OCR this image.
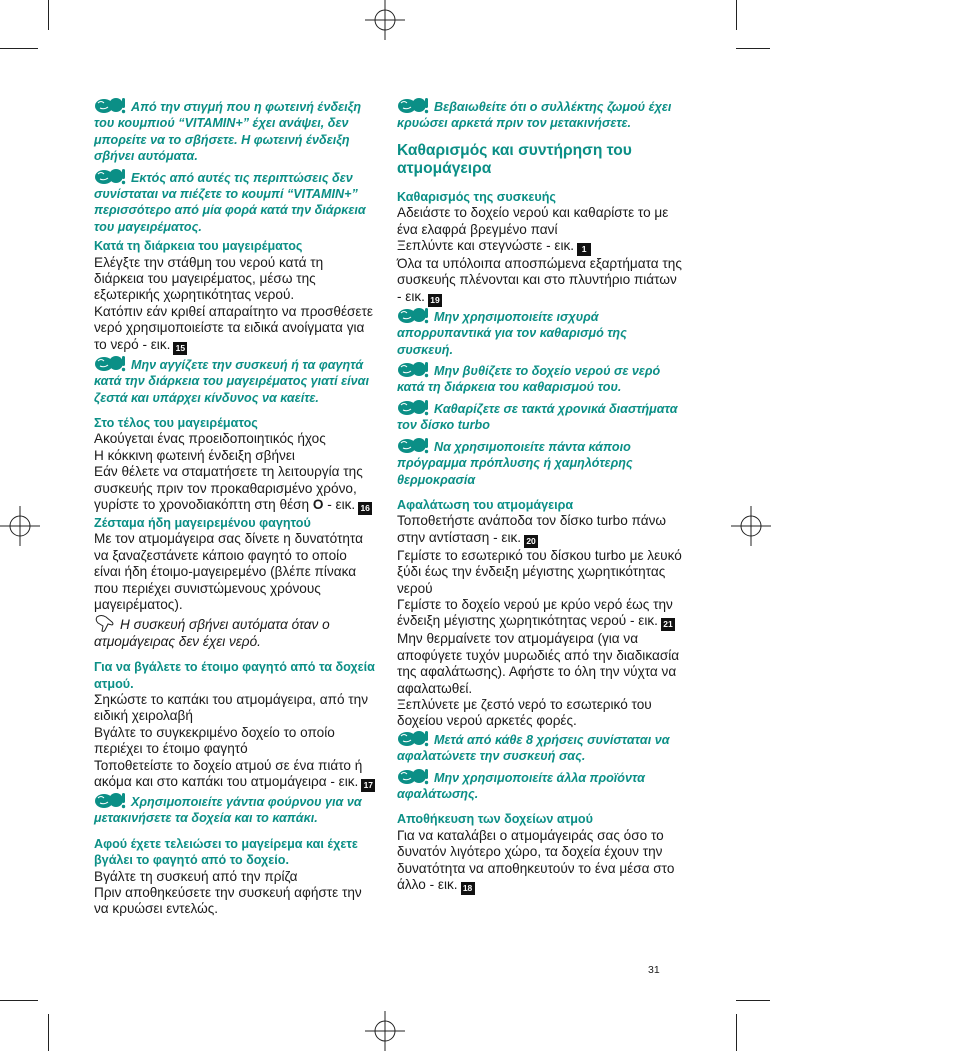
Από την στιγμή που η φωτεινή ένδειξη του κουμπιού “VITAMIN+” έχει ανάψει, δεν μπορείτε να το σβήσετε. Η φωτεινή ένδειξη σβήνει αυτόματα.

Εκτός από αυτές τις περιπτώσεις δεν συνίσταται να πιέζετε το κουμπί “VITAMIN+” περισσότερο από μία φορά κατά την διάρκεια του μαγειρέματος.

Κατά τη διάρκεια του μαγειρέματος

Ελέγξτε την στάθμη του νερού κατά τη διάρκεια του μαγειρέματος, μέσω της εξωτερικής χωρητικότητας νερού.

Κατόπιν εάν κριθεί απαραίτητο να προσθέσετε νερό χρησιμοποιείστε τα ειδικά ανοίγματα για το νερό - εικ. 15

Μην αγγίζετε την συσκευή ή τα φαγητά κατά την διάρκεια του μαγειρέματος γιατί είναι ζεστά και υπάρχει κίνδυνος να καείτε.

Στο τέλος του μαγειρέματος

Ακούγεται ένας προειδοποιητικός ήχος

Η κόκκινη φωτεινή ένδειξη σβήνει

Εάν θέλετε να σταματήσετε τη λειτουργία της συσκευής πριν τον προκαθαρισμένο χρόνο, γυρίστε το χρονοδιακόπτη στη θέση O - εικ. 16

Ζέσταμα ήδη μαγειρεμένου φαγητού

Με τον ατμομάγειρα σας δίνετε η δυνατότητα να ξαναζεστάνετε κάποιο φαγητό το οποίο είναι ήδη έτοιμο-μαγειρεμένο (βλέπε πίνακα που περιέχει συνιστώμενους χρόνους μαγειρέματος).

Η συσκευή σβήνει αυτόματα όταν ο ατμομάγειρας δεν έχει νερό.

Για να βγάλετε το έτοιμο φαγητό από τα δοχεία ατμού.

Σηκώστε το καπάκι του ατμομάγειρα, από την ειδική χειρολαβή

Βγάλτε το συγκεκριμένο δοχείο το οποίο περιέχει το έτοιμο φαγητό

Τοποθετείστε το δοχείο ατμού σε ένα πιάτο ή ακόμα και στο καπάκι του ατμομάγειρα - εικ. 17

Χρησιμοποιείτε γάντια φούρνου για να μετακινήσετε τα δοχεία και το καπάκι.

Αφού έχετε τελειώσει το μαγείρεμα και έχετε βγάλει το φαγητό από το δοχείο.

Βγάλτε τη συσκευή από την πρίζα

Πριν αποθηκεύσετε την συσκευή αφήστε την να κρυώσει εντελώς.

Βεβαιωθείτε ότι ο συλλέκτης ζωμού έχει κρυώσει αρκετά πριν τον μετακινήσετε.

Καθαρισμός και συντήρηση του ατμομάγειρα

Καθαρισμός της συσκευής

Αδειάστε το δοχείο νερού και καθαρίστε το με ένα ελαφρά βρεγμένο πανί

Ξεπλύντε και στεγνώστε - εικ. 1

Όλα τα υπόλοιπα αποσπώμενα εξαρτήματα της συσκευής πλένονται και στο πλυντήριο πιάτων - εικ. 19

Μην χρησιμοποιείτε ισχυρά απορρυπαντικά για τον καθαρισμό της συσκευή.

Μην βυθίζετε το δοχείο νερού σε νερό κατά τη διάρκεια του καθαρισμού του.

Καθαρίζετε σε τακτά χρονικά διαστήματα τον δίσκο turbo

Να χρησιμοποιείτε πάντα κάποιο πρόγραμμα πρόπλυσης ή χαμηλότερης θερμοκρασία

Αφαλάτωση του ατμομάγειρα

Τοποθετήστε ανάποδα τον δίσκο turbo πάνω στην αντίσταση - εικ. 20

Γεμίστε το εσωτερικό του δίσκου turbo με λευκό ξύδι έως την ένδειξη μέγιστης χωρητικότητας νερού

Γεμίστε το δοχείο νερού με κρύο νερό έως την ένδειξη μέγιστης χωρητικότητας νερού - εικ. 21

Μην θερμαίνετε τον ατμομάγειρα (για να αποφύγετε τυχόν μυρωδιές από την διαδικασία της αφαλάτωσης). Αφήστε το όλη την νύχτα να αφαλατωθεί.

Ξεπλύνετε με ζεστό νερό το εσωτερικό του δοχείου νερού αρκετές φορές.

Μετά από κάθε 8 χρήσεις συνίσταται να αφαλατώνετε την συσκευή σας.

Μην χρησιμοποιείτε άλλα προϊόντα αφαλάτωσης.

Αποθήκευση των δοχείων ατμού

Για να καταλάβει ο ατμομάγειράς σας όσο το δυνατόν λιγότερο χώρο, τα δοχεία έχουν την δυνατότητα να αποθηκευτούν το ένα μέσα στο άλλο - εικ. 18

31
